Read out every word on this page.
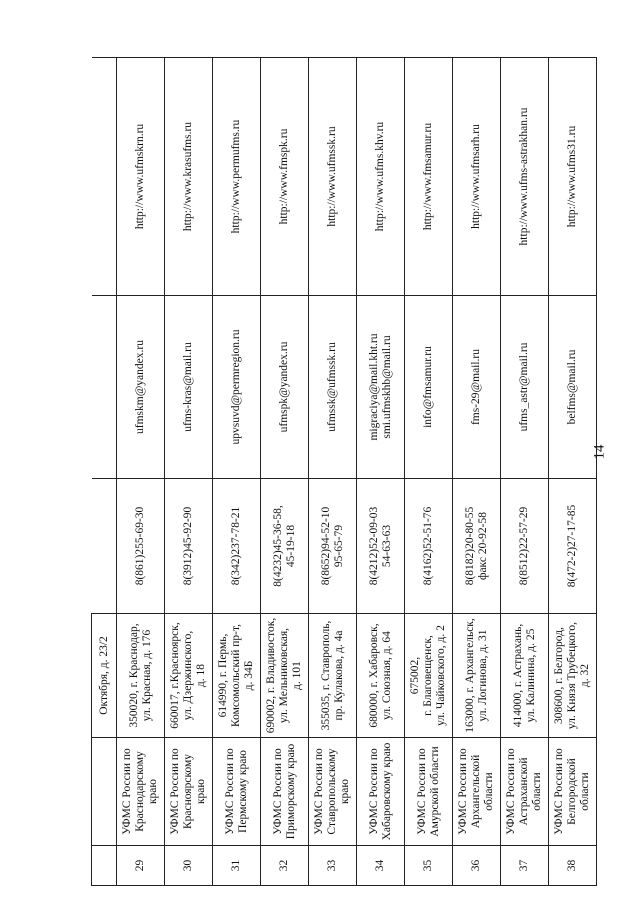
14
		Октября, д. 23/2			
29	УФМС России по Краснодарскому краю	350020, г. Краснодар, ул. Красная, д. 176	8(861)255-69-30	ufmskm@yandex.ru	http://www.ufmskrn.ru
30	УФМС России по Красноярскому краю	660017, г.Красноярск, ул. Дзержинского, д. 18	8(3912)45-92-90	ufms-kras@mail.ru	http://www.krasufms.ru
31	УФМС России по Пермскому краю	614990, г. Пермь, Комсомольский пр-т, д. 34Б	8(342)237-78-21	upvsuvd@permregion.ru	http://www.permufms.ru
32	УФМС России по Приморскому краю	690002, г. Владивосток, ул. Мельниковская, д. 101	8(4232)45-36-58, 45-19-18	ufmspk@yandex.ru	http://www.fmspk.ru
33	УФМС России по Ставропольскому краю	355035, г. Ставрополь, пр. Кулакова, д. 4а	8(8652)94-52-10 95-65-79	ufmssk@ufmssk.ru	http://www.ufmssk.ru
34	УФМС России по Хабаровскому краю	680000, г. Хабаровск, ул. Союзная, д. 64	8(4212)52-09-03 54-63-63	migraciya@mail.kht.ru smi.ufmskhb@mail.ru	http://www.ufms.khv.ru
35	УФМС России по Амурской области	675002, г. Благовещенск, ул. Чайковского, д. 2	8(4162)52-51-76	info@fmsamur.ru	http://www.fmsamur.ru
36	УФМС России по Архангельской области	163000, г. Архангельск, ул. Логинова, д. 31	8(8182)20-80-55 факс 20-92-58	fms-29@mail.ru	http://www.ufmsarh.ru
37	УФМС России по Астраханской области	414000, г. Астрахань, ул. Калинина, д. 25	8(8512)22-57-29	ufms_astr@mail.ru	http://www.ufms-astrakhan.ru
38	УФМС России по Белгородской области	308600, г. Белгород, ул. Князя Трубецкого, д. 32	8(472-2)27-17-85	belfms@mail.ru	http://www.ufms31.ru
